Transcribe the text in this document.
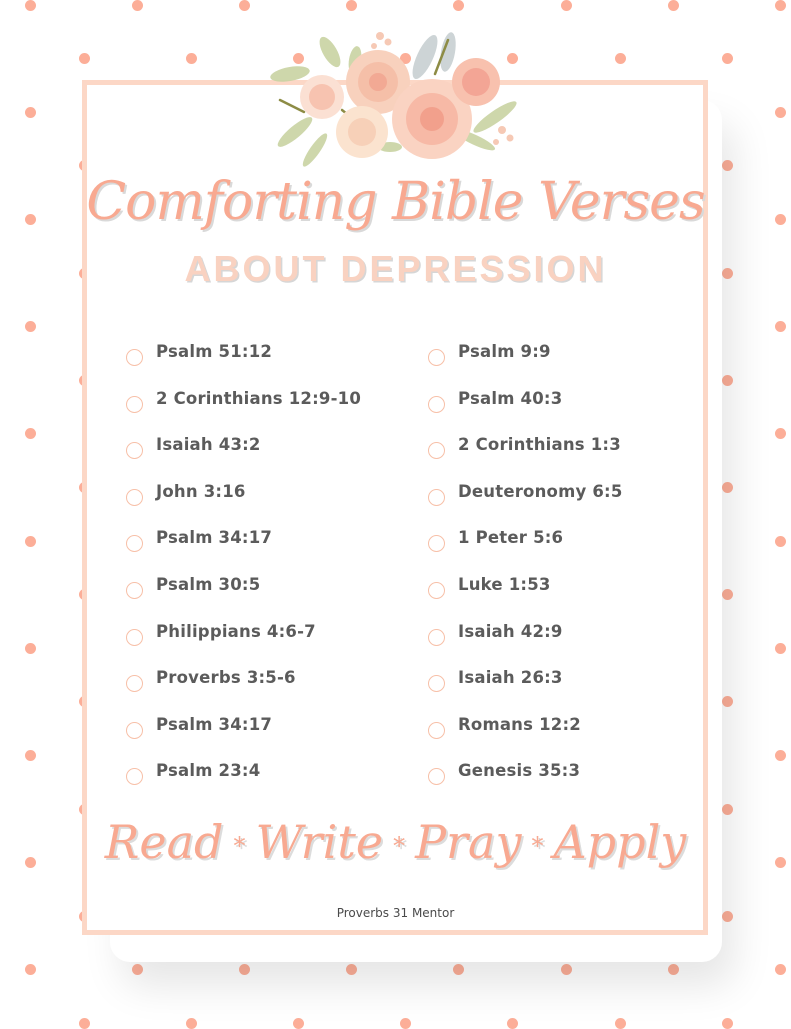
Comforting Bible Verses
ABOUT DEPRESSION
Psalm 51:12
2 Corinthians 12:9-10
Isaiah 43:2
John 3:16
Psalm 34:17
Psalm 30:5
Philippians 4:6-7
Proverbs 3:5-6
Psalm 34:17
Psalm 23:4
Psalm 9:9
Psalm 40:3
2 Corinthians 1:3
Deuteronomy 6:5
1 Peter 5:6
Luke 1:53
Isaiah 42:9
Isaiah 26:3
Romans 12:2
Genesis 35:3
Read * Write * Pray * Apply
Proverbs 31 Mentor
